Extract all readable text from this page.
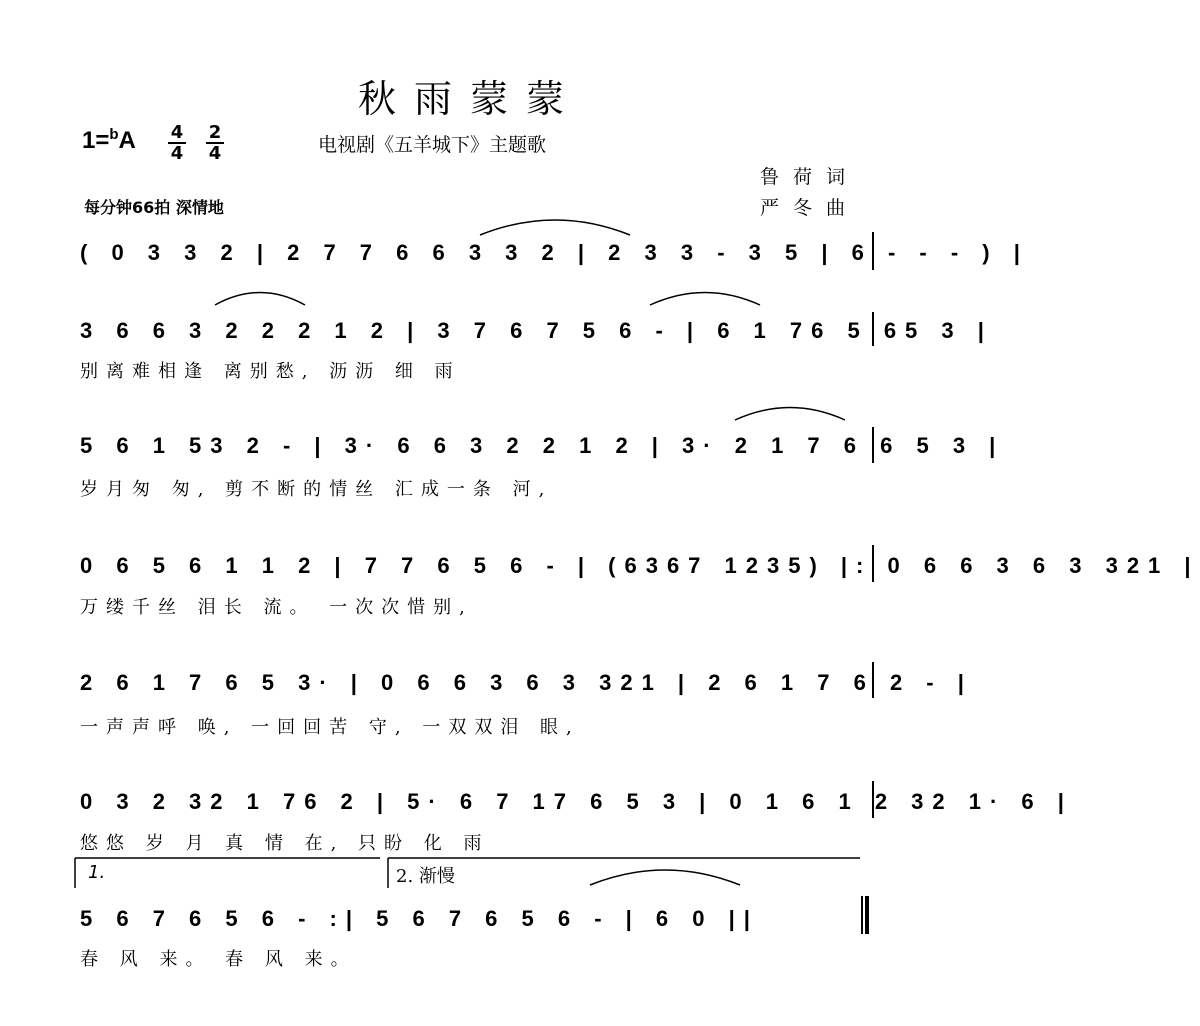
秋雨蒙蒙
1=$^b$A 4
4
2
4	电视剧《五羊城下》主题歌
鲁荷词
严冬曲
每分钟66拍 深情地
( 0 3 3 2 | 2 7 7 6 6 3 3 2 | 2 3 3 - 3 5 | 6 - - - ) |
3 6 6 3 2 2 2 1 2 | 3 7 6 7 5 6 - | 6 1 76 5 65 3 |
别离难相逢 离别愁, 沥沥 细 雨
5 6 1 53 2 - | 3· 6 6 3 2 2 1 2 | 3· 2 1 7 6 6 5 3 |
岁月匆 匆, 剪不断的情丝 汇成一条 河,
0 6 5 6 1 1 2 | 7 7 6 5 6 - | (6367 1235) |: 0 6 6 3 6 3 321 |
万缕千丝 泪长 流。 一次次惜别,
2 6 1 7 6 5 3· | 0 6 6 3 6 3 321 | 2 6 1 7 6 2 - |
一声声呼 唤, 一回回苦 守, 一双双泪 眼,
0 3 2 32 1 76 2 | 5· 6 7 17 6 5 3 | 0 1 6 1 2 32 1· 6 |
悠悠 岁 月 真 情 在, 只盼 化 雨
1.	2. 渐慢
5 6 7 6 5 6 - :| 5 6 7 6 5 6 - | 6 0 ||
春 风 来。 春 风 来。
